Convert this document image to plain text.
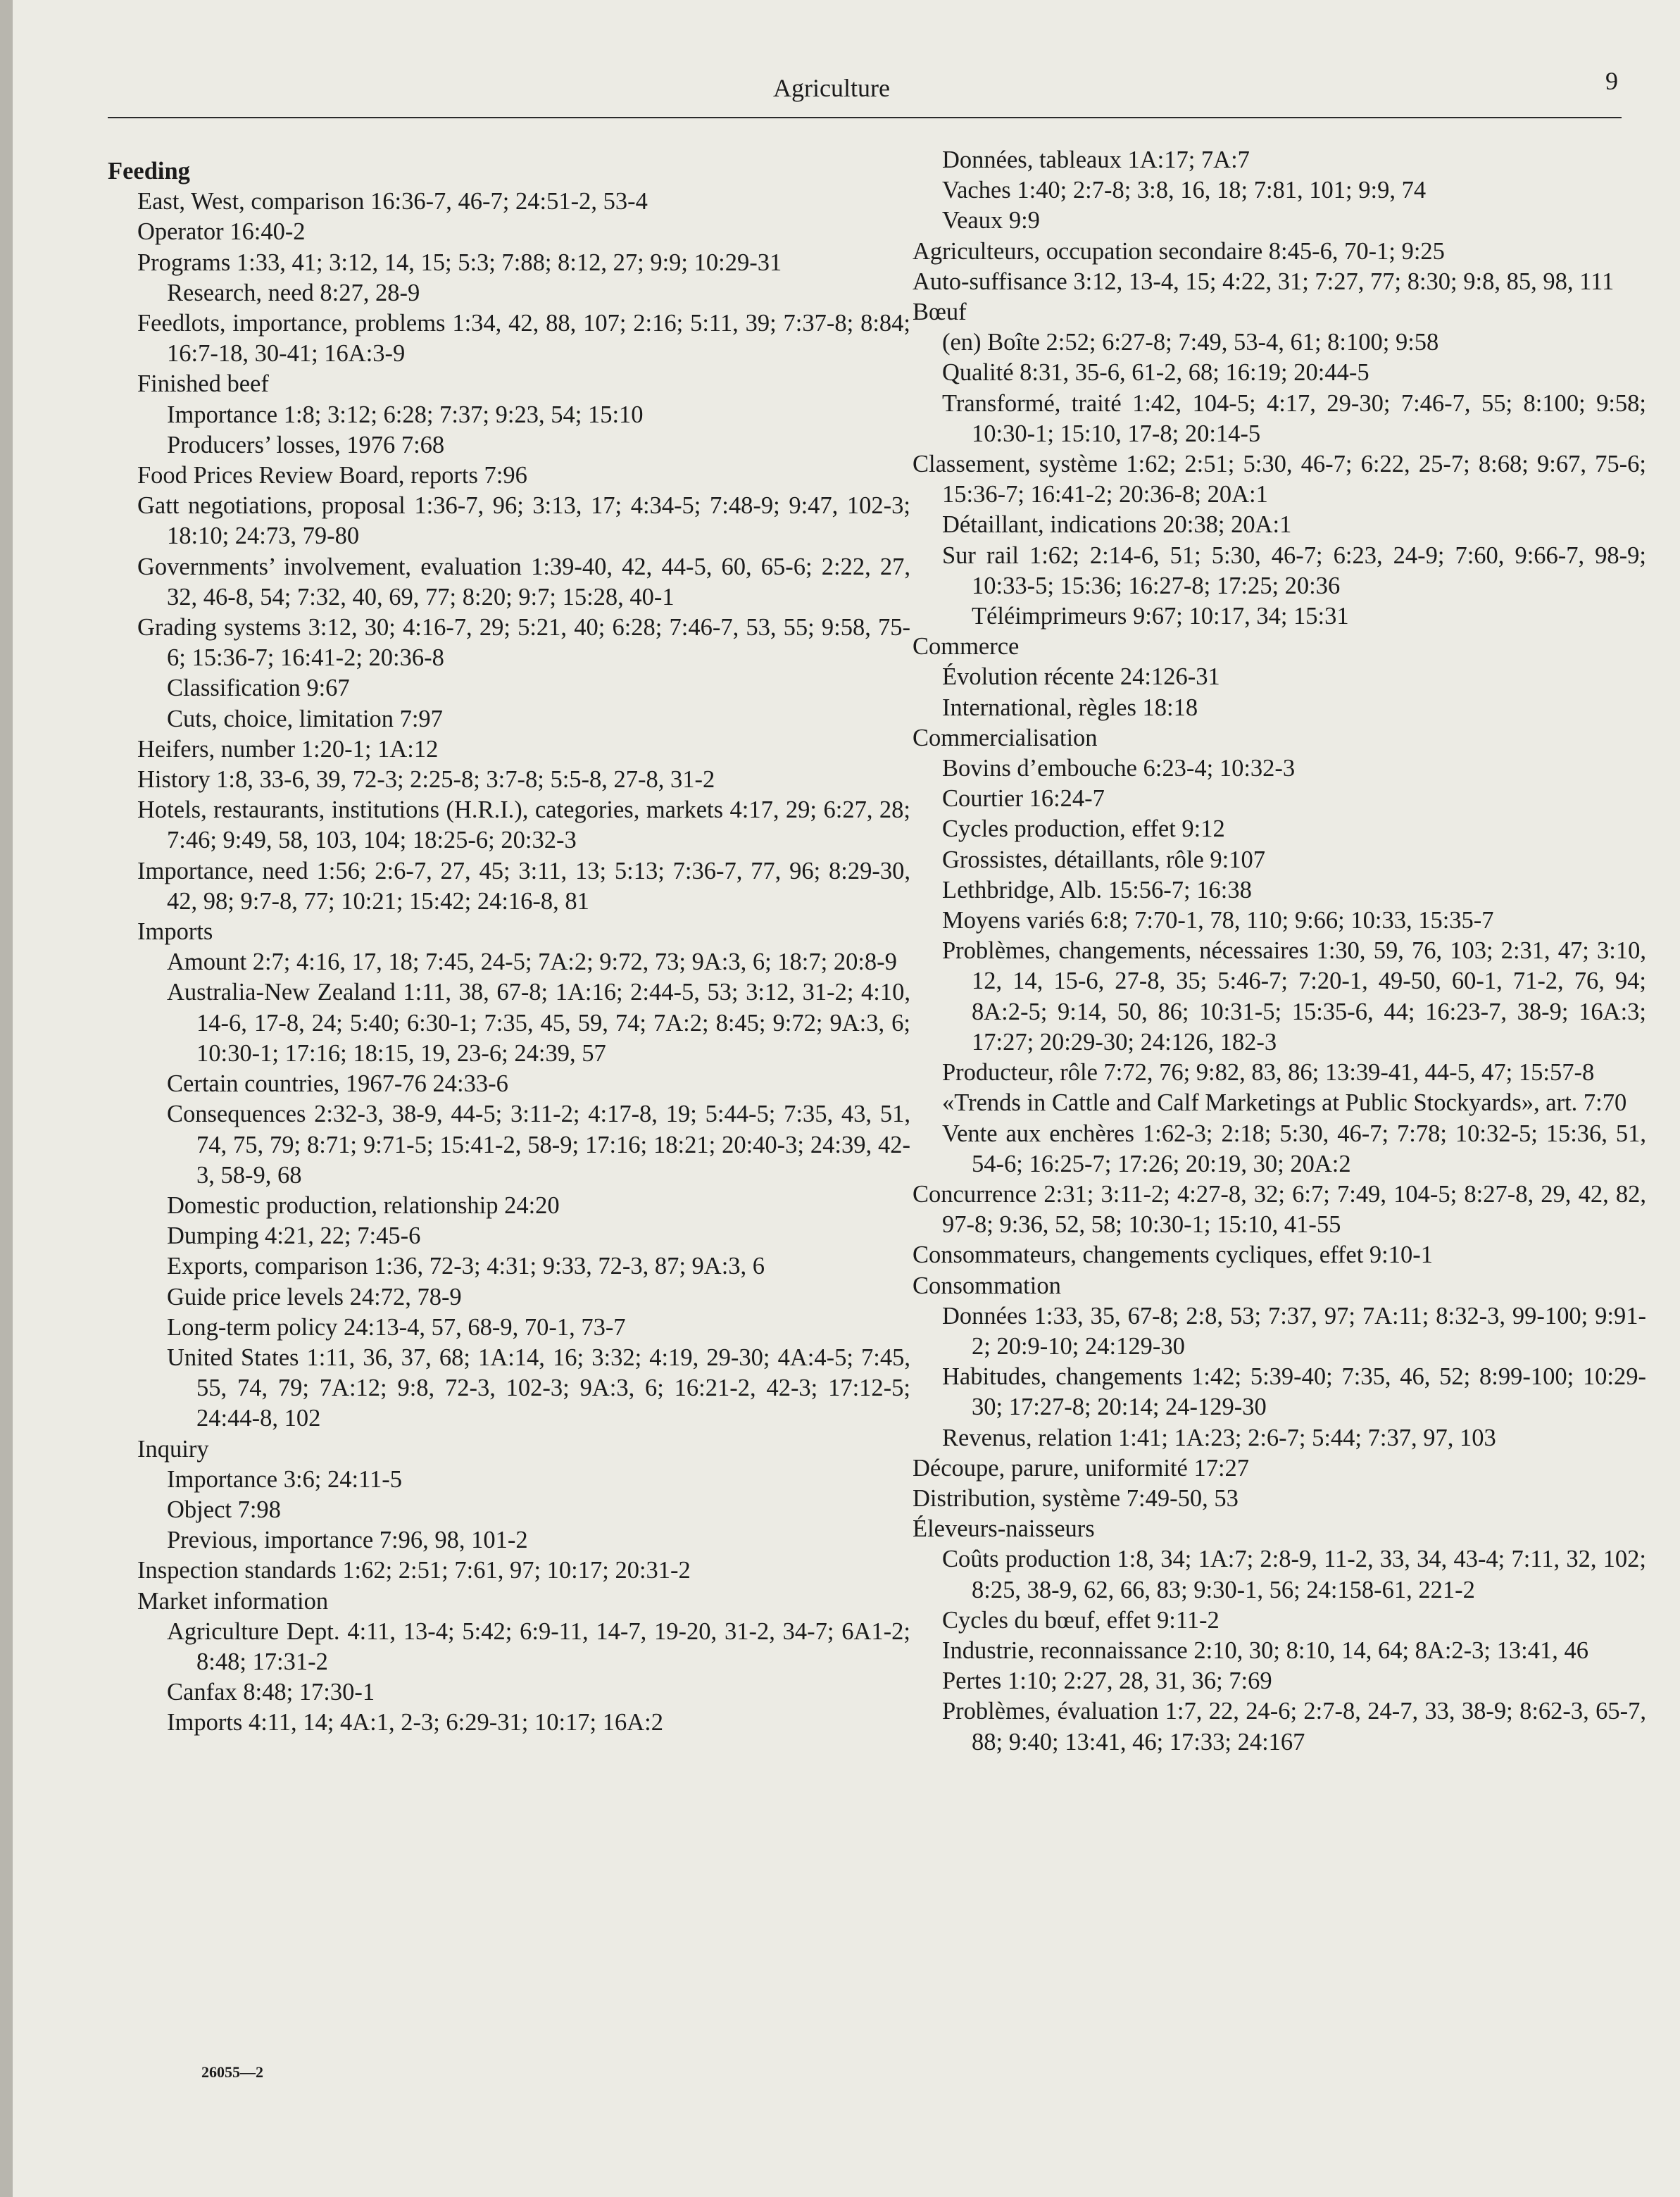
Agriculture	9

Feeding

East, West, comparison 16:36-7, 46-7; 24:51-2, 53-4

Operator 16:40-2

Programs 1:33, 41; 3:12, 14, 15; 5:3; 7:88; 8:12, 27; 9:9; 10:29-31

Research, need 8:27, 28-9

Feedlots, importance, problems 1:34, 42, 88, 107; 2:16; 5:11, 39; 7:37-8; 8:84; 16:7-18, 30-41; 16A:3-9

Finished beef

Importance 1:8; 3:12; 6:28; 7:37; 9:23, 54; 15:10

Producers’ losses, 1976 7:68

Food Prices Review Board, reports 7:96

Gatt negotiations, proposal 1:36-7, 96; 3:13, 17; 4:34-5; 7:48-9; 9:47, 102-3; 18:10; 24:73, 79-80

Governments’ involvement, evaluation 1:39-40, 42, 44-5, 60, 65-6; 2:22, 27, 32, 46-8, 54; 7:32, 40, 69, 77; 8:20; 9:7; 15:28, 40-1

Grading systems 3:12, 30; 4:16-7, 29; 5:21, 40; 6:28; 7:46-7, 53, 55; 9:58, 75-6; 15:36-7; 16:41-2; 20:36-8

Classification 9:67

Cuts, choice, limitation 7:97

Heifers, number 1:20-1; 1A:12

History 1:8, 33-6, 39, 72-3; 2:25-8; 3:7-8; 5:5-8, 27-8, 31-2

Hotels, restaurants, institutions (H.R.I.), categories, markets 4:17, 29; 6:27, 28; 7:46; 9:49, 58, 103, 104; 18:25-6; 20:32-3

Importance, need 1:56; 2:6-7, 27, 45; 3:11, 13; 5:13; 7:36-7, 77, 96; 8:29-30, 42, 98; 9:7-8, 77; 10:21; 15:42; 24:16-8, 81

Imports

Amount 2:7; 4:16, 17, 18; 7:45, 24-5; 7A:2; 9:72, 73; 9A:3, 6; 18:7; 20:8-9

Australia-New Zealand 1:11, 38, 67-8; 1A:16; 2:44-5, 53; 3:12, 31-2; 4:10, 14-6, 17-8, 24; 5:40; 6:30-1; 7:35, 45, 59, 74; 7A:2; 8:45; 9:72; 9A:3, 6; 10:30-1; 17:16; 18:15, 19, 23-6; 24:39, 57

Certain countries, 1967-76 24:33-6

Consequences 2:32-3, 38-9, 44-5; 3:11-2; 4:17-8, 19; 5:44-5; 7:35, 43, 51, 74, 75, 79; 8:71; 9:71-5; 15:41-2, 58-9; 17:16; 18:21; 20:40-3; 24:39, 42-3, 58-9, 68

Domestic production, relationship 24:20

Dumping 4:21, 22; 7:45-6

Exports, comparison 1:36, 72-3; 4:31; 9:33, 72-3, 87; 9A:3, 6

Guide price levels 24:72, 78-9

Long-term policy 24:13-4, 57, 68-9, 70-1, 73-7

United States 1:11, 36, 37, 68; 1A:14, 16; 3:32; 4:19, 29-30; 4A:4-5; 7:45, 55, 74, 79; 7A:12; 9:8, 72-3, 102-3; 9A:3, 6; 16:21-2, 42-3; 17:12-5; 24:44-8, 102

Inquiry

Importance 3:6; 24:11-5

Object 7:98

Previous, importance 7:96, 98, 101-2

Inspection standards 1:62; 2:51; 7:61, 97; 10:17; 20:31-2

Market information

Agriculture Dept. 4:11, 13-4; 5:42; 6:9-11, 14-7, 19-20, 31-2, 34-7; 6A1-2; 8:48; 17:31-2

Canfax 8:48; 17:30-1

Imports 4:11, 14; 4A:1, 2-3; 6:29-31; 10:17; 16A:2

Données, tableaux 1A:17; 7A:7

Vaches 1:40; 2:7-8; 3:8, 16, 18; 7:81, 101; 9:9, 74

Veaux 9:9

Agriculteurs, occupation secondaire 8:45-6, 70-1; 9:25

Auto-suffisance 3:12, 13-4, 15; 4:22, 31; 7:27, 77; 8:30; 9:8, 85, 98, 111

Bœuf

(en) Boîte 2:52; 6:27-8; 7:49, 53-4, 61; 8:100; 9:58

Qualité 8:31, 35-6, 61-2, 68; 16:19; 20:44-5

Transformé, traité 1:42, 104-5; 4:17, 29-30; 7:46-7, 55; 8:100; 9:58; 10:30-1; 15:10, 17-8; 20:14-5

Classement, système 1:62; 2:51; 5:30, 46-7; 6:22, 25-7; 8:68; 9:67, 75-6; 15:36-7; 16:41-2; 20:36-8; 20A:1

Détaillant, indications 20:38; 20A:1

Sur rail 1:62; 2:14-6, 51; 5:30, 46-7; 6:23, 24-9; 7:60, 9:66-7, 98-9; 10:33-5; 15:36; 16:27-8; 17:25; 20:36

Téléimprimeurs 9:67; 10:17, 34; 15:31

Commerce

Évolution récente 24:126-31

International, règles 18:18

Commercialisation

Bovins d’embouche 6:23-4; 10:32-3

Courtier 16:24-7

Cycles production, effet 9:12

Grossistes, détaillants, rôle 9:107

Lethbridge, Alb. 15:56-7; 16:38

Moyens variés 6:8; 7:70-1, 78, 110; 9:66; 10:33, 15:35-7

Problèmes, changements, nécessaires 1:30, 59, 76, 103; 2:31, 47; 3:10, 12, 14, 15-6, 27-8, 35; 5:46-7; 7:20-1, 49-50, 60-1, 71-2, 76, 94; 8A:2-5; 9:14, 50, 86; 10:31-5; 15:35-6, 44; 16:23-7, 38-9; 16A:3; 17:27; 20:29-30; 24:126, 182-3

Producteur, rôle 7:72, 76; 9:82, 83, 86; 13:39-41, 44-5, 47; 15:57-8

«Trends in Cattle and Calf Marketings at Public Stockyards», art. 7:70

Vente aux enchères 1:62-3; 2:18; 5:30, 46-7; 7:78; 10:32-5; 15:36, 51, 54-6; 16:25-7; 17:26; 20:19, 30; 20A:2

Concurrence 2:31; 3:11-2; 4:27-8, 32; 6:7; 7:49, 104-5; 8:27-8, 29, 42, 82, 97-8; 9:36, 52, 58; 10:30-1; 15:10, 41-55

Consommateurs, changements cycliques, effet 9:10-1

Consommation

Données 1:33, 35, 67-8; 2:8, 53; 7:37, 97; 7A:11; 8:32-3, 99-100; 9:91-2; 20:9-10; 24:129-30

Habitudes, changements 1:42; 5:39-40; 7:35, 46, 52; 8:99-100; 10:29-30; 17:27-8; 20:14; 24-129-30

Revenus, relation 1:41; 1A:23; 2:6-7; 5:44; 7:37, 97, 103

Découpe, parure, uniformité 17:27

Distribution, système 7:49-50, 53

Éleveurs-naisseurs

Coûts production 1:8, 34; 1A:7; 2:8-9, 11-2, 33, 34, 43-4; 7:11, 32, 102; 8:25, 38-9, 62, 66, 83; 9:30-1, 56; 24:158-61, 221-2

Cycles du bœuf, effet 9:11-2

Industrie, reconnaissance 2:10, 30; 8:10, 14, 64; 8A:2-3; 13:41, 46

Pertes 1:10; 2:27, 28, 31, 36; 7:69

Problèmes, évaluation 1:7, 22, 24-6; 2:7-8, 24-7, 33, 38-9; 8:62-3, 65-7, 88; 9:40; 13:41, 46; 17:33; 24:167

26055—2
